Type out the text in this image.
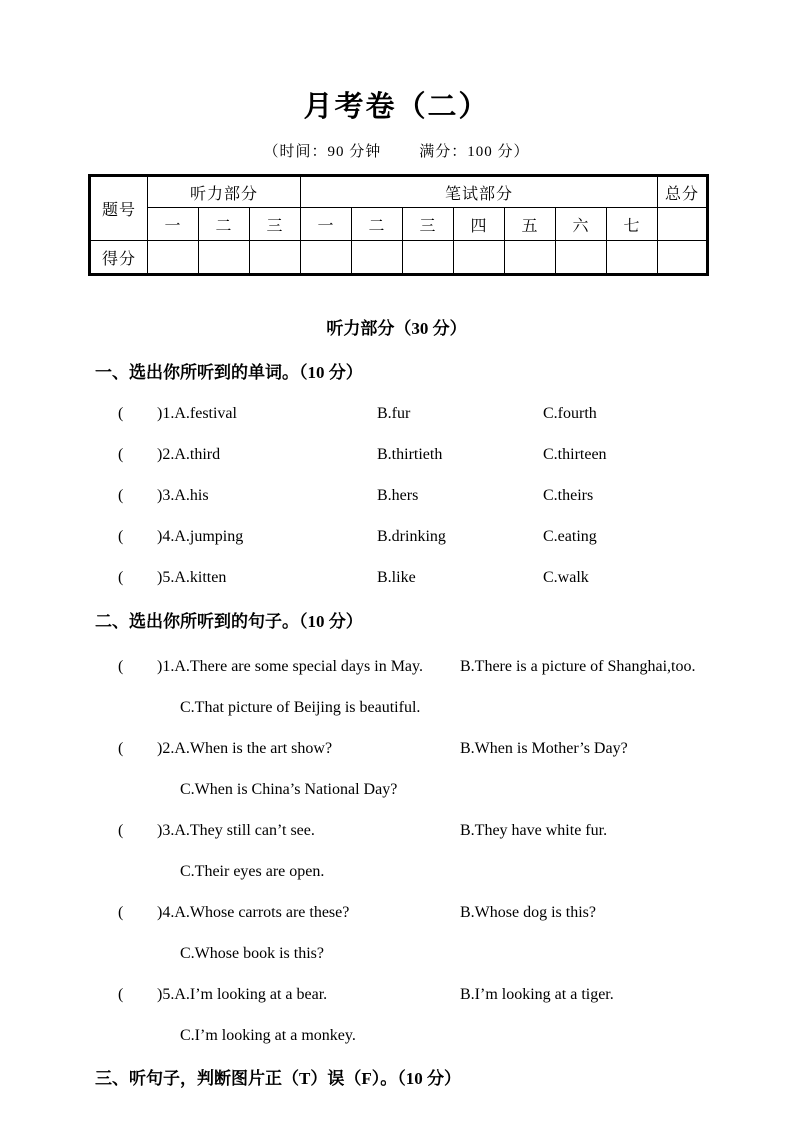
月考卷（二）
（时间：90 分钟	满分：100 分）
题号	听力部分			笔试部分							总分
	一	二	三	一	二	三	四	五	六	七	
得分											
听力部分（30 分）
一、选出你所听到的单词。（10 分）
( )1.A.festival	B.fur	C.fourth
( )2.A.third	B.thirtieth	C.thirteen
( )3.A.his	B.hers	C.theirs
( )4.A.jumping	B.drinking	C.eating
( )5.A.kitten	B.like	C.walk
二、选出你所听到的句子。（10 分）
( )1.A.There are some special days in May.	B.There is a picture of Shanghai,too.
C.That picture of Beijing is beautiful.
( )2.A.When is the art show?	B.When is Mother’s Day?
C.When is China’s National Day?
( )3.A.They still can’t see.	B.They have white fur.
C.Their eyes are open.
( )4.A.Whose carrots are these?	B.Whose dog is this?
C.Whose book is this?
( )5.A.I’m looking at a bear.	B.I’m looking at a tiger.
C.I’m looking at a monkey.
三、听句子，判断图片正（T）误（F）。（10 分）
